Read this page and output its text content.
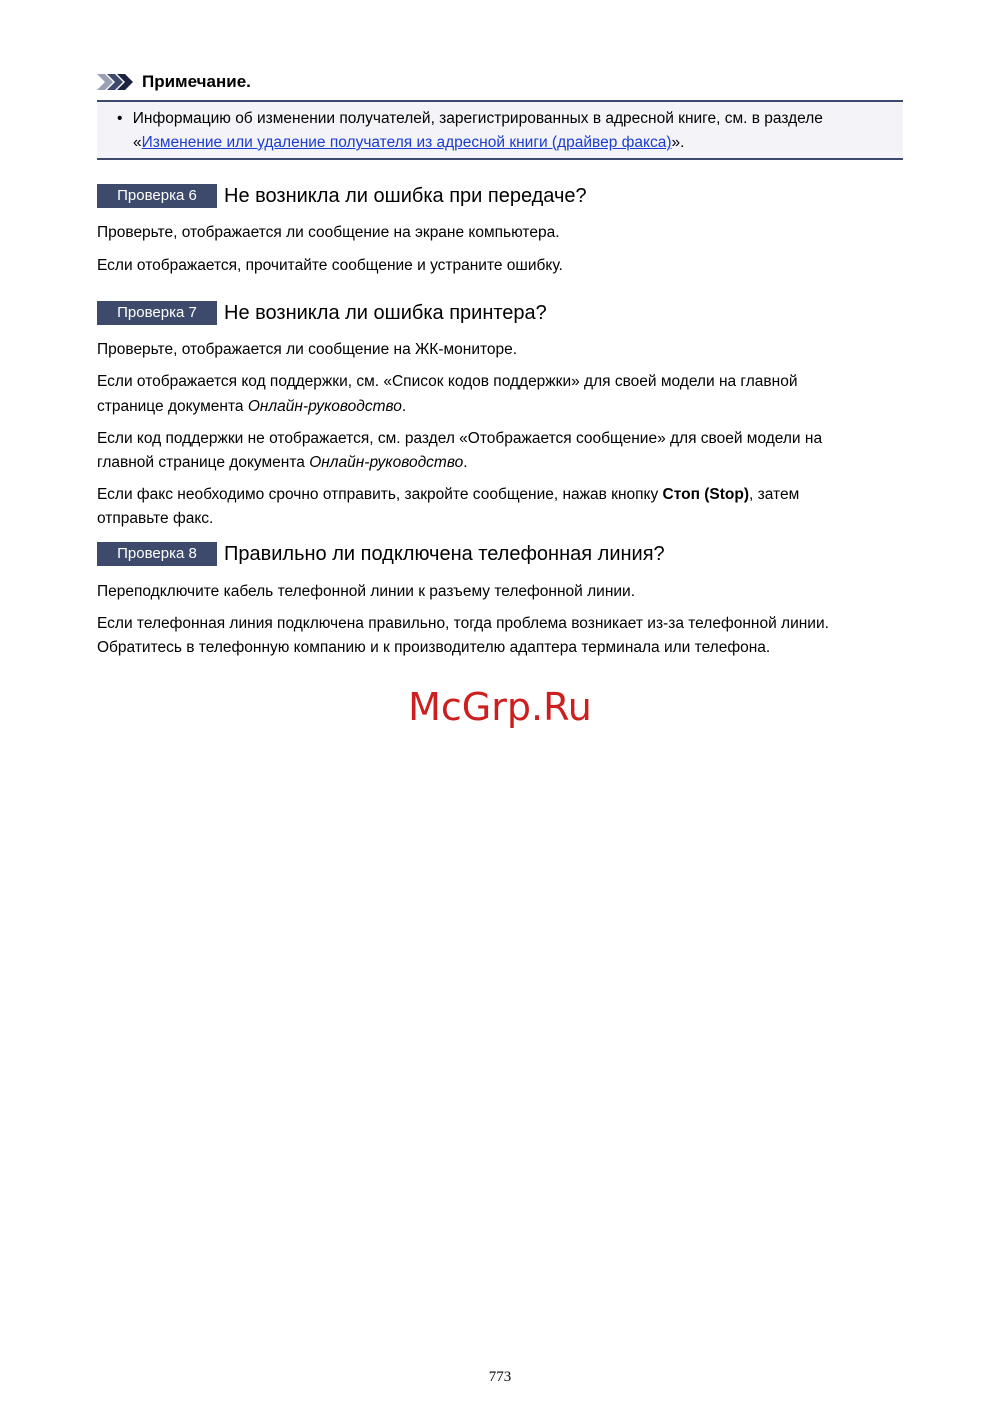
Примечание.
• Информацию об изменении получателей, зарегистрированных в адресной книге, см. в разделе
«Изменение или удаление получателя из адресной книги (драйвер факса)».
Проверка 6	Не возникла ли ошибка при передаче?
Проверьте, отображается ли сообщение на экране компьютера.
Если отображается, прочитайте сообщение и устраните ошибку.
Проверка 7	Не возникла ли ошибка принтера?
Проверьте, отображается ли сообщение на ЖК-мониторе.
Если отображается код поддержки, см. «Список кодов поддержки» для своей модели на главной
странице документа Онлайн-руководство.
Если код поддержки не отображается, см. раздел «Отображается сообщение» для своей модели на
главной странице документа Онлайн-руководство.
Если факс необходимо срочно отправить, закройте сообщение, нажав кнопку Стоп (Stop), затем
отправьте факс.
Проверка 8	Правильно ли подключена телефонная линия?
Переподключите кабель телефонной линии к разъему телефонной линии.
Если телефонная линия подключена правильно, тогда проблема возникает из-за телефонной линии.
Обратитесь в телефонную компанию и к производителю адаптера терминала или телефона.
McGrp.Ru
773
